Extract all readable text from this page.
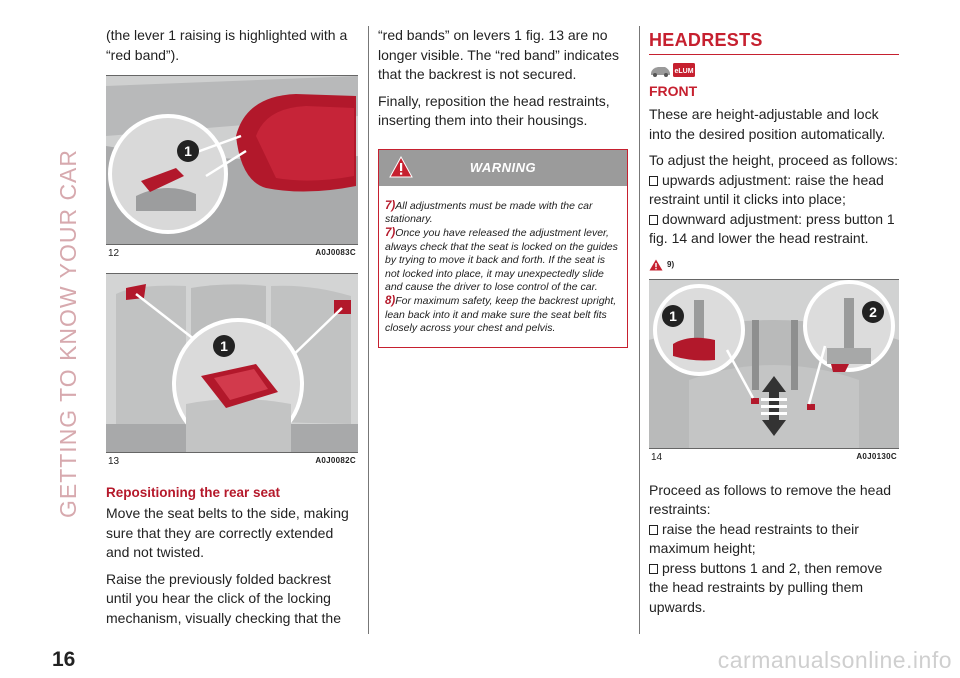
GETTING TO KNOW YOUR CAR

(the lever 1 raising is highlighted with a “red band”).

1
12	A0J0083C
1
13	A0J0082C
Repositioning the rear seat

Move the seat belts to the side, making sure that they are correctly extended and not twisted.

Raise the previously folded backrest until you hear the click of the locking mechanism, visually checking that the

“red bands” on levers 1 fig. 13 are no longer visible. The “red band” indicates that the backrest is not secured.

Finally, reposition the head restraints, inserting them into their housings.

WARNING

7)All adjustments must be made with the car stationary.

7)Once you have released the adjustment lever, always check that the seat is locked on the guides by trying to move it back and forth. If the seat is not locked into place, it may unexpectedly slide and cause the driver to lose control of the car.

8)For maximum safety, keep the backrest upright, lean back into it and make sure the seat belt fits closely across your chest and pelvis.

HEADRESTS
eLUM
FRONT

These are height-adjustable and lock into the desired position automatically.

To adjust the height, proceed as follows:

upwards adjustment: raise the head restraint until it clicks into place;
downward adjustment: press button 1 fig. 14 and lower the head restraint.
9)
1	2
14	A0J0130C

Proceed as follows to remove the head restraints:

raise the head restraints to their maximum height;
press buttons 1 and 2, then remove the head restraints by pulling them upwards.
16	carmanualsonline.info
